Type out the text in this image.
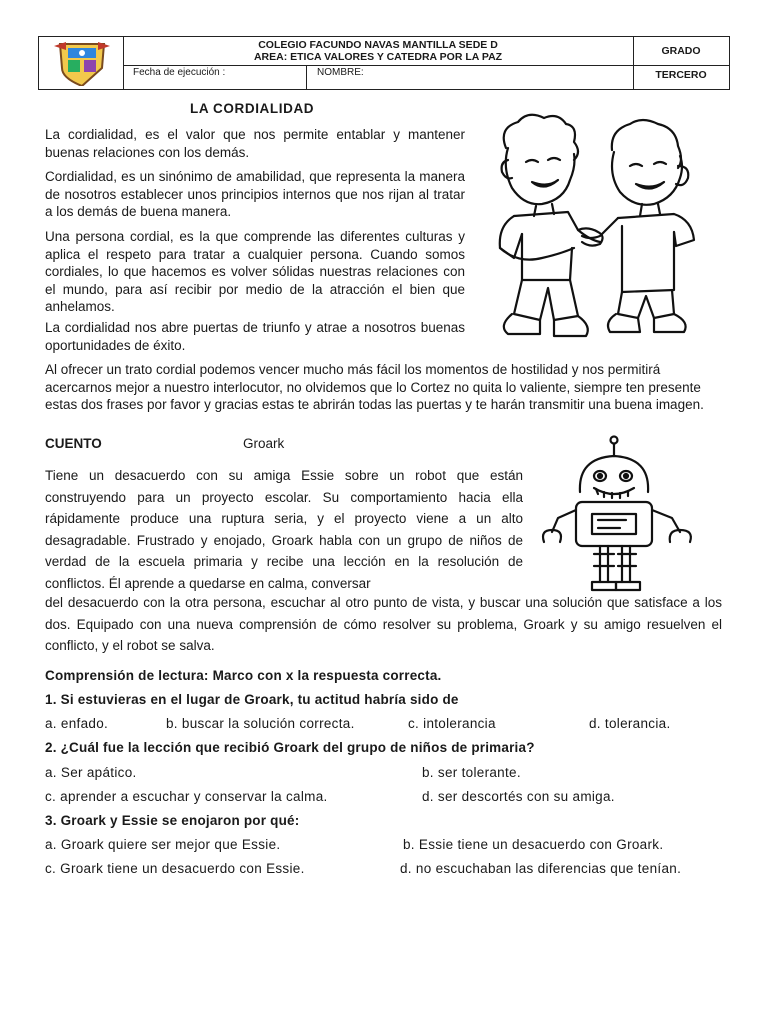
COLEGIO FACUNDO NAVAS MANTILLA SEDE D
AREA: ETICA VALORES Y CATEDRA POR LA PAZ
Fecha de ejecución :	NOMBRE:
GRADO
TERCERO
LA CORDIALIDAD

La cordialidad, es el valor que nos permite entablar y mantener buenas relaciones con los demás.

Cordialidad, es un sinónimo de amabilidad, que representa la manera de nosotros establecer unos principios internos que nos rijan al tratar a los demás de buena manera.

Una persona cordial, es la que comprende las diferentes culturas y aplica el respeto para tratar a cualquier persona. Cuando somos cordiales, lo que hacemos es volver sólidas nuestras relaciones con el mundo, para así recibir por medio de la atracción el bien que anhelamos.

La cordialidad nos abre puertas de triunfo y atrae a nosotros buenas oportunidades de éxito.

Al ofrecer un trato cordial podemos vencer mucho más fácil los momentos de hostilidad y nos permitirá acercarnos mejor a nuestro interlocutor, no olvidemos que lo Cortez no quita lo valiente, siempre ten presente estas dos frases por favor y gracias estas te abrirán todas las puertas y te harán transmitir una buena imagen.

CUENTO	Groark

Tiene un desacuerdo con su amiga Essie sobre un robot que están construyendo para un proyecto escolar. Su comportamiento hacia ella rápidamente produce una ruptura seria, y el proyecto viene a un alto desagradable. Frustrado y enojado, Groark habla con un grupo de niños de verdad de la escuela primaria y recibe una lección en la resolución de conflictos. Él aprende a quedarse en calma, conversar

del desacuerdo con la otra persona, escuchar al otro punto de vista, y buscar una solución que satisface a los dos. Equipado con una nueva comprensión de cómo resolver su problema, Groark y su amigo resuelven el conflicto, y el robot se salva.

Comprensión de lectura: Marco con x la respuesta correcta.
1. Si estuvieras en el lugar de Groark, tu actitud habría sido de
a. enfado.	b. buscar la solución correcta.	c. intolerancia	d. tolerancia.
2. ¿Cuál fue la lección que recibió Groark del grupo de niños de primaria?
a. Ser apático.	b. ser tolerante.
c. aprender a escuchar y conservar la calma.	d. ser descortés con su amiga.
3. Groark y Essie se enojaron por qué:
a. Groark quiere ser mejor que Essie.	b. Essie tiene un desacuerdo con Groark.
c. Groark tiene un desacuerdo con Essie.	d. no escuchaban las diferencias que tenían.
